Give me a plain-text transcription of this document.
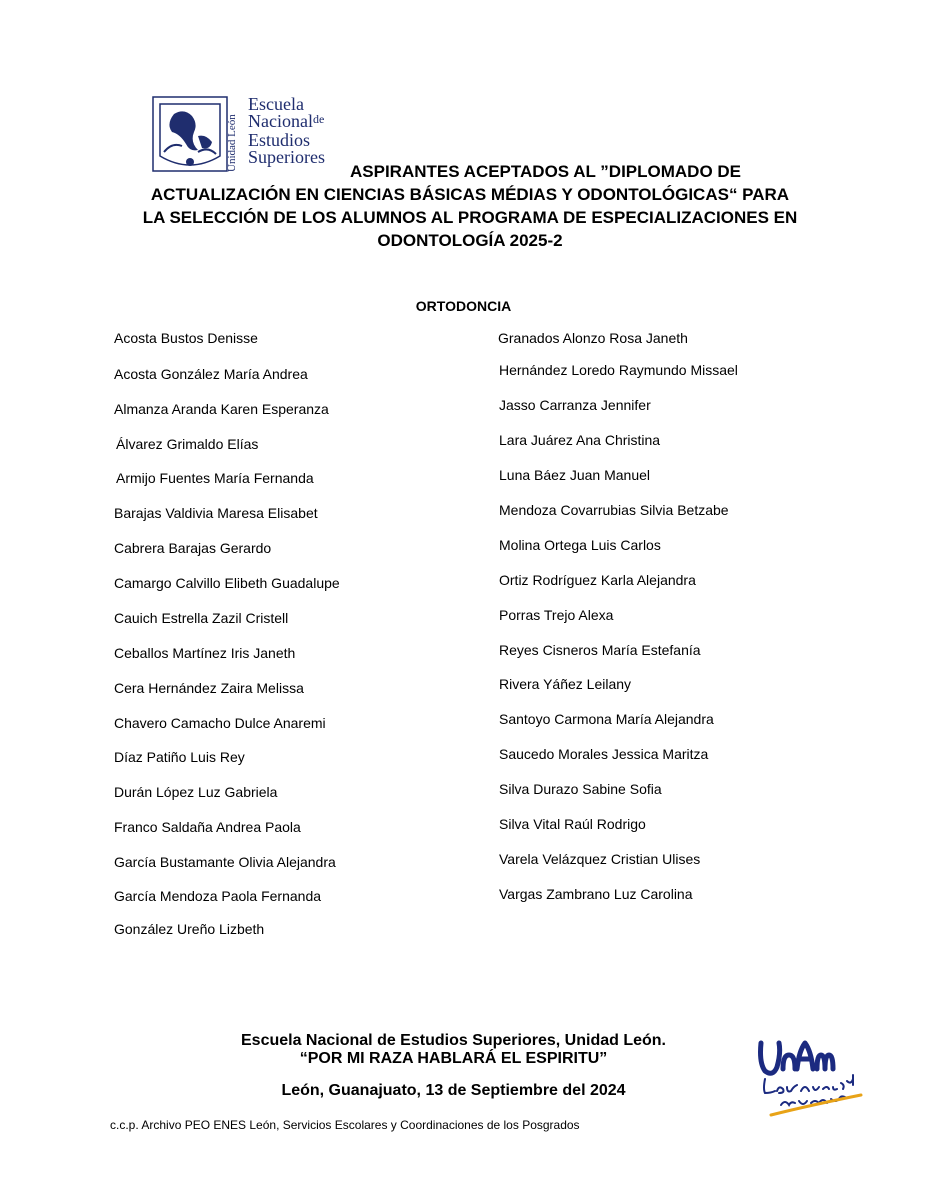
Unidad León
Escuela
Nacional$^{de}$
Estudios
Superiores
ASPIRANTES ACEPTADOS AL ”DIPLOMADO DE
ACTUALIZACIÓN EN CIENCIAS BÁSICAS MÉDIAS Y ODONTOLÓGICAS“ PARA
LA SELECCIÓN DE LOS ALUMNOS AL PROGRAMA DE ESPECIALIZACIONES EN
ODONTOLOGÍA 2025-2
ORTODONCIA
Acosta Bustos Denisse
Acosta González María Andrea
Almanza Aranda Karen Esperanza
Álvarez Grimaldo Elías
Armijo Fuentes María Fernanda
Barajas Valdivia Maresa Elisabet
Cabrera Barajas Gerardo
Camargo Calvillo Elibeth Guadalupe
Cauich Estrella Zazil Cristell
Ceballos Martínez Iris Janeth
Cera Hernández Zaira Melissa
Chavero Camacho Dulce Anaremi
Díaz Patiño Luis Rey
Durán López Luz Gabriela
Franco Saldaña Andrea Paola
García Bustamante Olivia Alejandra
García Mendoza Paola Fernanda
González Ureño Lizbeth
Granados Alonzo Rosa Janeth
Hernández Loredo Raymundo Missael
Jasso Carranza Jennifer
Lara Juárez Ana Christina
Luna Báez Juan Manuel
Mendoza Covarrubias Silvia Betzabe
Molina Ortega Luis Carlos
Ortiz Rodríguez Karla Alejandra
Porras Trejo Alexa
Reyes Cisneros María Estefanía
Rivera Yáñez Leilany
Santoyo Carmona María Alejandra
Saucedo Morales Jessica Maritza
Silva Durazo Sabine Sofia
Silva Vital Raúl Rodrigo
Varela Velázquez Cristian Ulises
Vargas Zambrano Luz Carolina
Escuela Nacional de Estudios Superiores, Unidad León.
“POR MI RAZA HABLARÁ EL ESPIRITU”
León, Guanajuato, 13 de Septiembre del 2024
c.c.p. Archivo PEO ENES León, Servicios Escolares y Coordinaciones de los Posgrados
